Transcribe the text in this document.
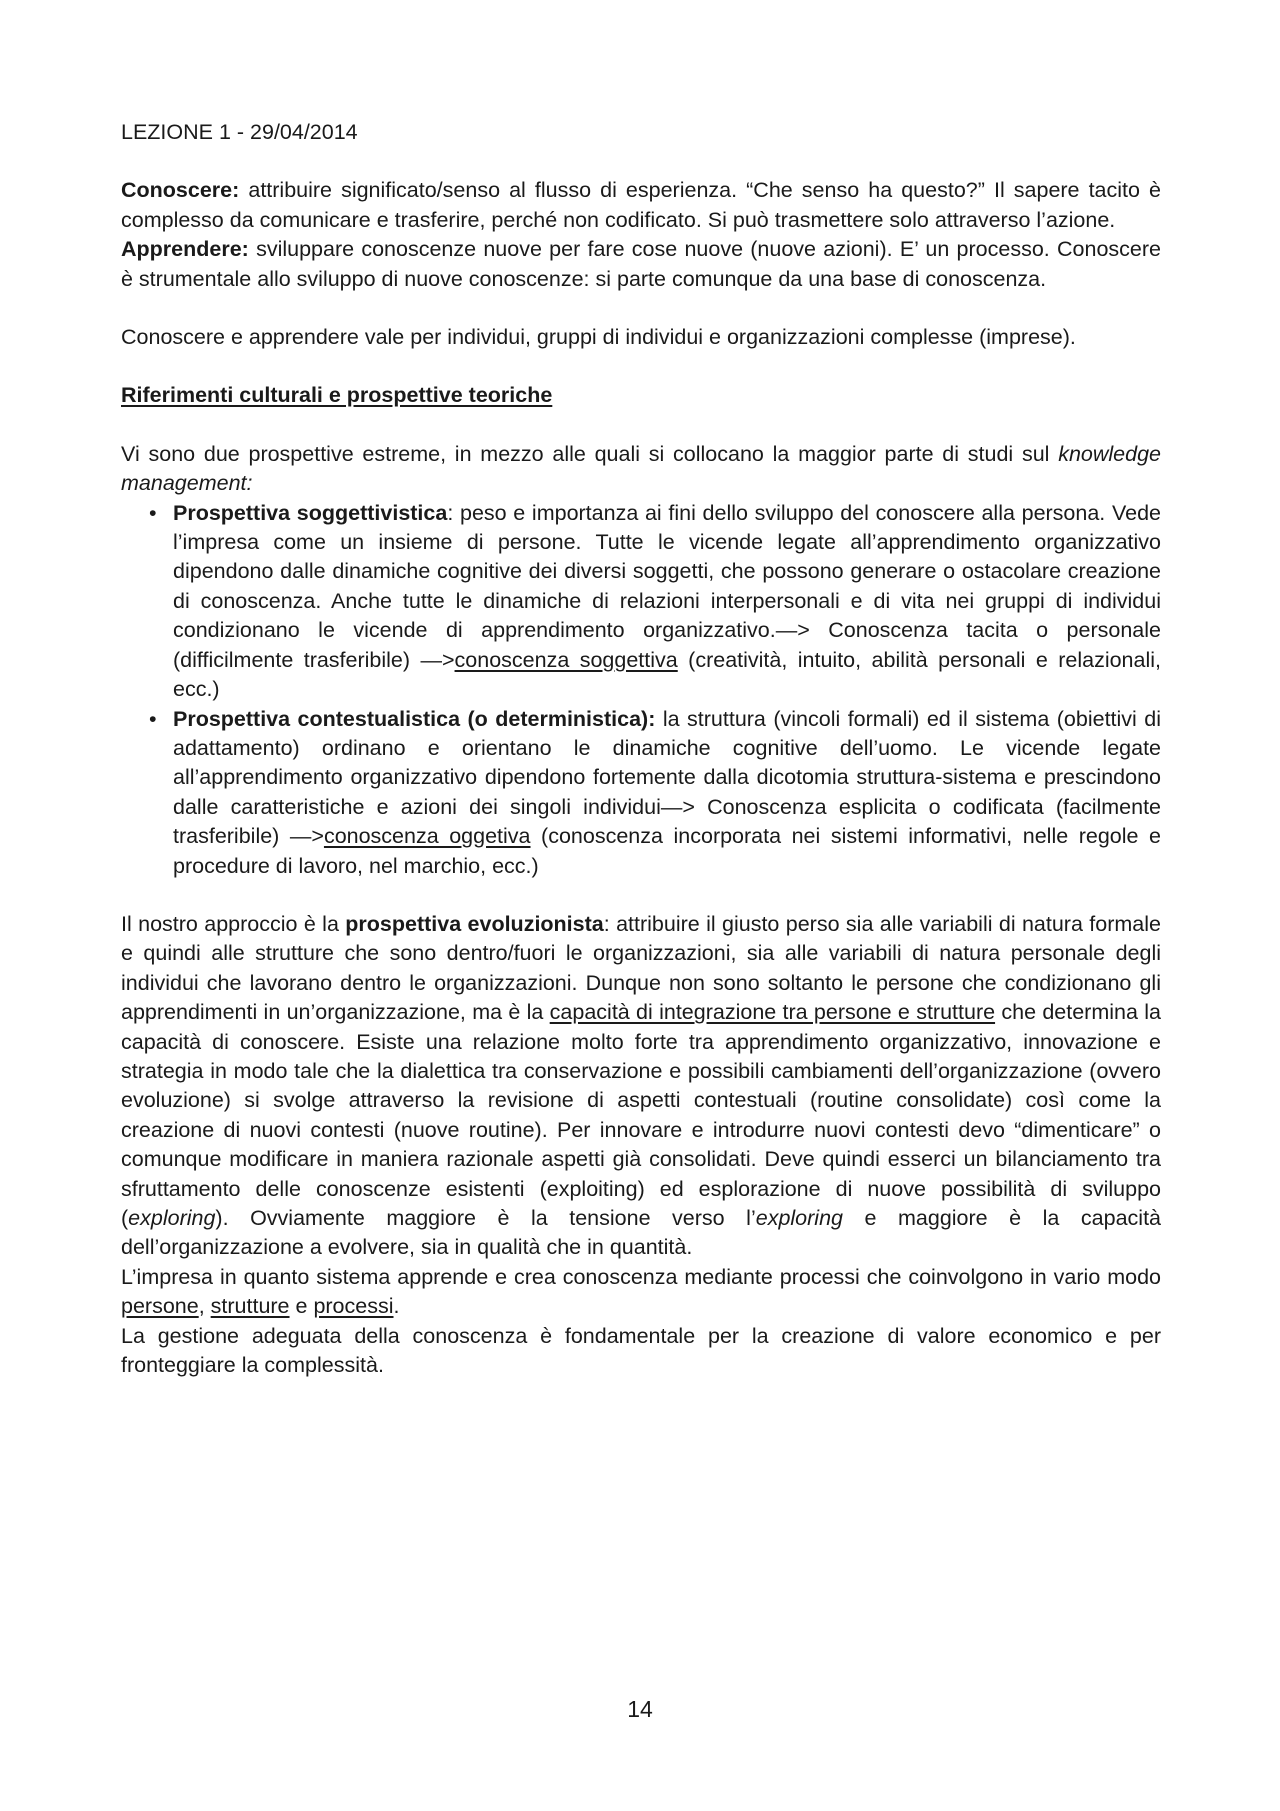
LEZIONE 1 - 29/04/2014

Conoscere: attribuire significato/senso al flusso di esperienza. “Che senso ha questo?” Il sapere tacito è complesso da comunicare e trasferire, perché non codificato. Si può trasmettere solo attraverso l’azione.

Apprendere: sviluppare conoscenze nuove per fare cose nuove (nuove azioni). E’ un processo. Conoscere è strumentale allo sviluppo di nuove conoscenze: si parte comunque da una base di conoscenza.

Conoscere e apprendere vale per individui, gruppi di individui e organizzazioni complesse (imprese).

Riferimenti culturali e prospettive teoriche

Vi sono due prospettive estreme, in mezzo alle quali si collocano la maggior parte di studi sul knowledge management:

• Prospettiva soggettivistica: peso e importanza ai fini dello sviluppo del conoscere alla persona. Vede l’impresa come un insieme di persone. Tutte le vicende legate all’apprendimento organizzativo dipendono dalle dinamiche cognitive dei diversi soggetti, che possono generare o ostacolare creazione di conoscenza. Anche tutte le dinamiche di relazioni interpersonali e di vita nei gruppi di individui condizionano le vicende di apprendimento organizzativo.—> Conoscenza tacita o personale (difficilmente trasferibile) —>conoscenza soggettiva (creatività, intuito, abilità personali e relazionali, ecc.)
• Prospettiva contestualistica (o deterministica): la struttura (vincoli formali) ed il sistema (obiettivi di adattamento) ordinano e orientano le dinamiche cognitive dell’uomo. Le vicende legate all’apprendimento organizzativo dipendono fortemente dalla dicotomia struttura-sistema e prescindono dalle caratteristiche e azioni dei singoli individui—> Conoscenza esplicita o codificata (facilmente trasferibile) —>conoscenza oggetiva (conoscenza incorporata nei sistemi informativi, nelle regole e procedure di lavoro, nel marchio, ecc.)

Il nostro approccio è la prospettiva evoluzionista: attribuire il giusto perso sia alle variabili di natura formale e quindi alle strutture che sono dentro/fuori le organizzazioni, sia alle variabili di natura personale degli individui che lavorano dentro le organizzazioni. Dunque non sono soltanto le persone che condizionano gli apprendimenti in un’organizzazione, ma è la capacità di integrazione tra persone e strutture che determina la capacità di conoscere. Esiste una relazione molto forte tra apprendimento organizzativo, innovazione e strategia in modo tale che la dialettica tra conservazione e possibili cambiamenti dell’organizzazione (ovvero evoluzione) si svolge attraverso la revisione di aspetti contestuali (routine consolidate) così come la creazione di nuovi contesti (nuove routine). Per innovare e introdurre nuovi contesti devo “dimenticare” o comunque modificare in maniera razionale aspetti già consolidati. Deve quindi esserci un bilanciamento tra sfruttamento delle conoscenze esistenti (exploiting) ed esplorazione di nuove possibilità di sviluppo (exploring). Ovviamente maggiore è la tensione verso l’exploring e maggiore è la capacità dell’organizzazione a evolvere, sia in qualità che in quantità.

L’impresa in quanto sistema apprende e crea conoscenza mediante processi che coinvolgono in vario modo persone, strutture e processi.

La gestione adeguata della conoscenza è fondamentale per la creazione di valore economico e per fronteggiare la complessità.

14
